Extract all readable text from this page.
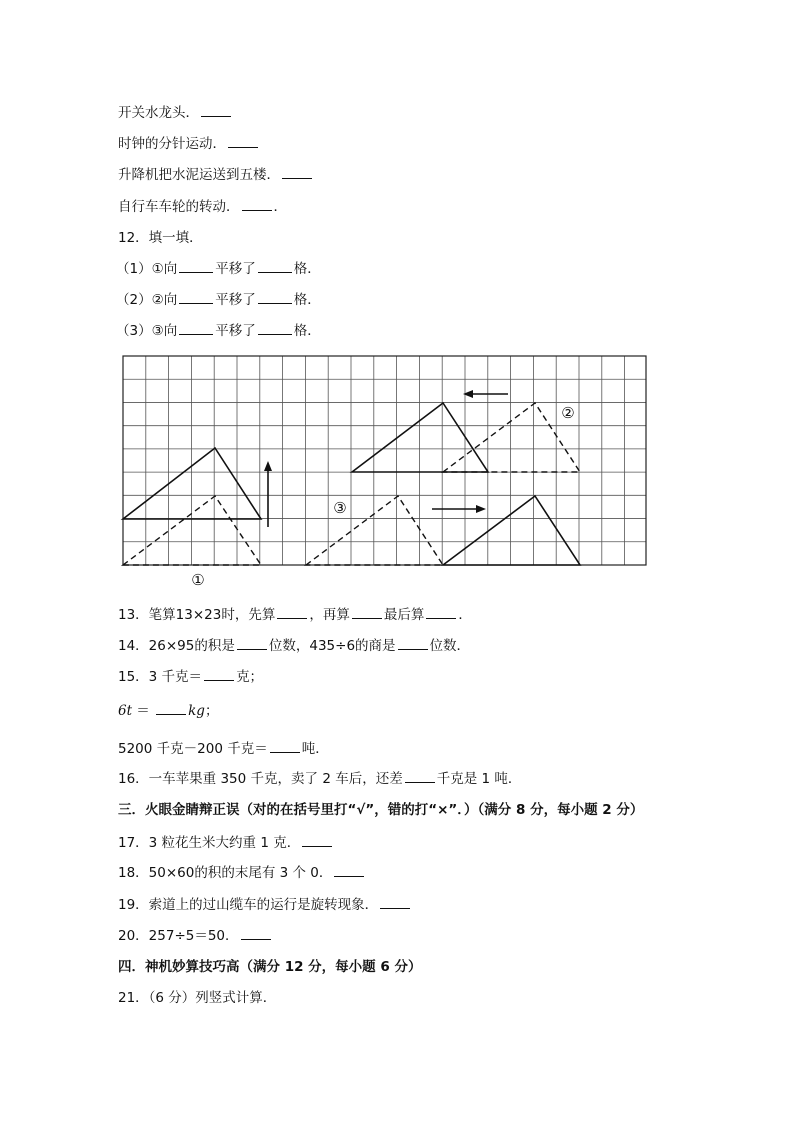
开关水龙头．
时钟的分针运动．
升降机把水泥运送到五楼．
自行车车轮的转动．	．
12．填一填．
（1）①向	平移了	格．
（2）②向	平移了	格．
（3）③向	平移了	格．
②
③
①
13．笔算13×23时，先算	，再算	最后算	．
14．26×95的积是	位数，435÷6的商是	位数．
15．3 千克＝	克；
6t ＝	kg；
5200 千克－200 千克＝	吨．
16．一车苹果重 350 千克，卖了 2 车后，还差	千克是 1 吨．
三．火眼金睛辩正误（对的在括号里打“√”，错的打“×”．）（满分 8 分，每小题 2 分）
17．3 粒花生米大约重 1 克．
18．50×60的积的末尾有 3 个 0．
19．索道上的过山缆车的运行是旋转现象．
20．257÷5＝50．
四．神机妙算技巧高（满分 12 分，每小题 6 分）
21．（6 分）列竖式计算．
